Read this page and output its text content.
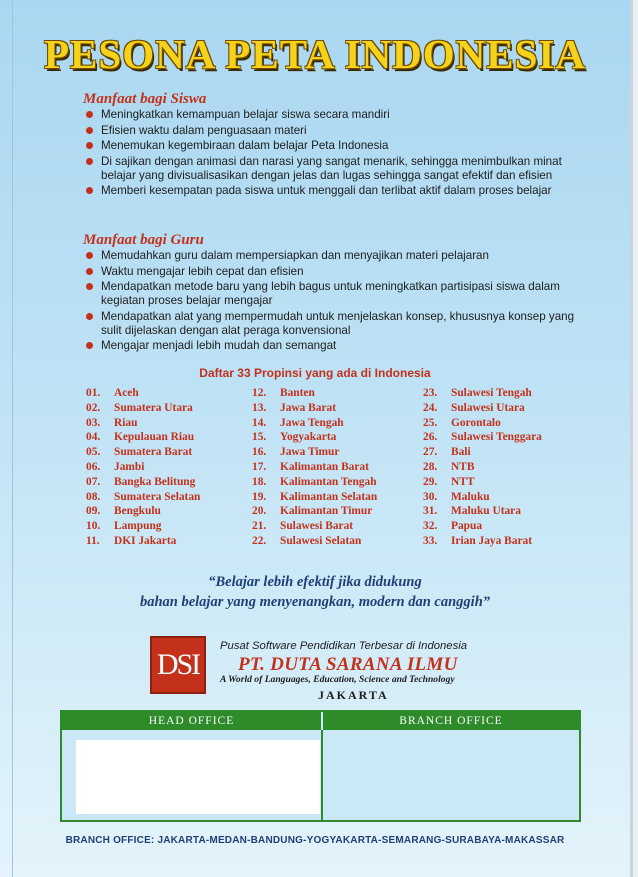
PESONA PETA INDONESIA
Manfaat bagi Siswa
Meningkatkan kemampuan belajar siswa secara mandiri
Efisien waktu dalam penguasaan materi
Menemukan kegembiraan dalam belajar Peta Indonesia
Di sajikan dengan animasi dan narasi yang sangat menarik, sehingga menimbulkan minat belajar yang divisualisasikan dengan jelas dan lugas sehingga sangat efektif dan efisien
Memberi kesempatan pada siswa untuk menggali dan terlibat aktif dalam proses belajar
Manfaat bagi Guru
Memudahkan guru dalam mempersiapkan dan menyajikan materi pelajaran
Waktu mengajar lebih cepat dan efisien
Mendapatkan metode baru yang lebih bagus untuk meningkatkan partisipasi siswa dalam kegiatan proses belajar mengajar
Mendapatkan alat yang mempermudah untuk menjelaskan konsep, khususnya konsep yang sulit dijelaskan dengan alat peraga konvensional
Mengajar menjadi lebih mudah dan semangat
Daftar 33 Propinsi yang ada di Indonesia
01. Aceh
02. Sumatera Utara
03. Riau
04. Kepulauan Riau
05. Sumatera Barat
06. Jambi
07. Bangka Belitung
08. Sumatera Selatan
09. Bengkulu
10. Lampung
11. DKI Jakarta
12. Banten
13. Jawa Barat
14. Jawa Tengah
15. Yogyakarta
16. Jawa Timur
17. Kalimantan Barat
18. Kalimantan Tengah
19. Kalimantan Selatan
20. Kalimantan Timur
21. Sulawesi Barat
22. Sulawesi Selatan
23. Sulawesi Tengah
24. Sulawesi Utara
25. Gorontalo
26. Sulawesi Tenggara
27. Bali
28. NTB
29. NTT
30. Maluku
31. Maluku Utara
32. Papua
33. Irian Jaya Barat
“Belajar lebih efektif jika didukung
bahan belajar yang menyenangkan, modern dan canggih”
DSI
Pusat Software Pendidikan Terbesar di Indonesia
PT. DUTA SARANA ILMU
A World of Languages, Education, Science and Technology
JAKARTA
HEAD OFFICE	BRANCH OFFICE
BRANCH OFFICE: JAKARTA-MEDAN-BANDUNG-YOGYAKARTA-SEMARANG-SURABAYA-MAKASSAR
